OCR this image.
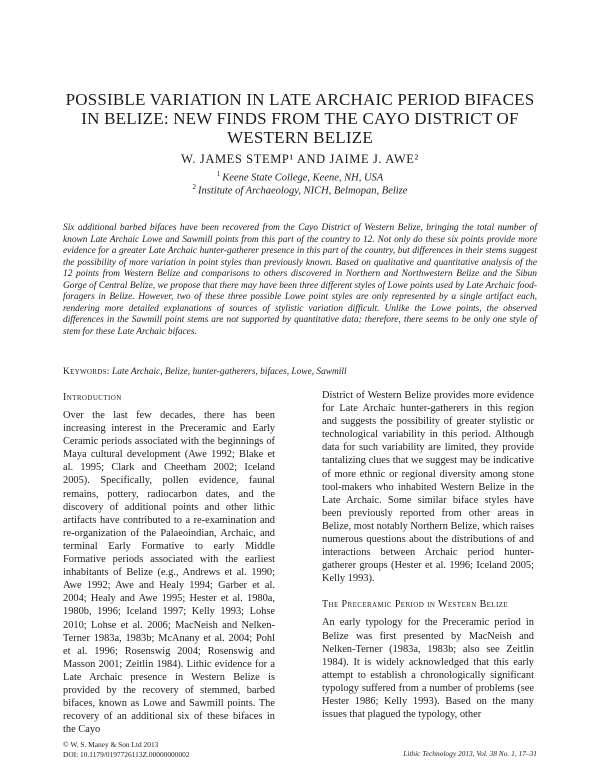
POSSIBLE VARIATION IN LATE ARCHAIC PERIOD BIFACES IN BELIZE: NEW FINDS FROM THE CAYO DISTRICT OF WESTERN BELIZE

W. JAMES STEMP¹ AND JAIME J. AWE²

$^1$ Keene State College, Keene, NH, USA

$^2$ Institute of Archaeology, NICH, Belmopan, Belize

Six additional barbed bifaces have been recovered from the Cayo District of Western Belize, bringing the total number of known Late Archaic Lowe and Sawmill points from this part of the country to 12. Not only do these six points provide more evidence for a greater Late Archaic hunter-gatherer presence in this part of the country, but differences in their stems suggest the possibility of more variation in point styles than previously known. Based on qualitative and quantitative analysis of the 12 points from Western Belize and comparisons to others discovered in Northern and Northwestern Belize and the Sibun Gorge of Central Belize, we propose that there may have been three different styles of Lowe points used by Late Archaic food-foragers in Belize. However, two of these three possible Lowe point styles are only represented by a single artifact each, rendering more detailed explanations of sources of stylistic variation difficult. Unlike the Lowe points, the observed differences in the Sawmill point stems are not supported by quantitative data; therefore, there seems to be only one style of stem for these Late Archaic bifaces.

Keywords: Late Archaic, Belize, hunter-gatherers, bifaces, Lowe, Sawmill

Introduction

Over the last few decades, there has been increasing interest in the Preceramic and Early Ceramic periods associated with the beginnings of Maya cultural development (Awe 1992; Blake et al. 1995; Clark and Cheetham 2002; Iceland 2005). Specifically, pollen evidence, faunal remains, pottery, radiocarbon dates, and the discovery of additional points and other lithic artifacts have contributed to a re-examination and re-organization of the Palaeoindian, Archaic, and terminal Early Formative to early Middle Formative periods associated with the earliest inhabitants of Belize (e.g., Andrews et al. 1990; Awe 1992; Awe and Healy 1994; Garber et al. 2004; Healy and Awe 1995; Hester et al. 1980a, 1980b, 1996; Iceland 1997; Kelly 1993; Lohse 2010; Lohse et al. 2006; MacNeish and Nelken-Terner 1983a, 1983b; McAnany et al. 2004; Pohl et al. 1996; Rosenswig 2004; Rosenswig and Masson 2001; Zeitlin 1984). Lithic evidence for a Late Archaic presence in Western Belize is provided by the recovery of stemmed, barbed bifaces, known as Lowe and Sawmill points. The recovery of an additional six of these bifaces in the Cayo

District of Western Belize provides more evidence for Late Archaic hunter-gatherers in this region and suggests the possibility of greater stylistic or technological variability in this period. Although data for such variability are limited, they provide tantalizing clues that we suggest may be indicative of more ethnic or regional diversity among stone tool-makers who inhabited Western Belize in the Late Archaic. Some similar biface styles have been previously reported from other areas in Belize, most notably Northern Belize, which raises numerous questions about the distributions of and interactions between Archaic period hunter-gatherer groups (Hester et al. 1996; Iceland 2005; Kelly 1993).

The Preceramic Period in Western Belize

An early typology for the Preceramic period in Belize was first presented by MacNeish and Nelken-Terner (1983a, 1983b; also see Zeitlin 1984). It is widely acknowledged that this early attempt to establish a chronologically significant typology suffered from a number of problems (see Hester 1986; Kelly 1993). Based on the many issues that plagued the typology, other

© W. S. Maney & Son Ltd 2013
DOI: 10.1179/0197726113Z.00000000002	Lithic Technology 2013, Vol. 38 No. 1, 17–31
